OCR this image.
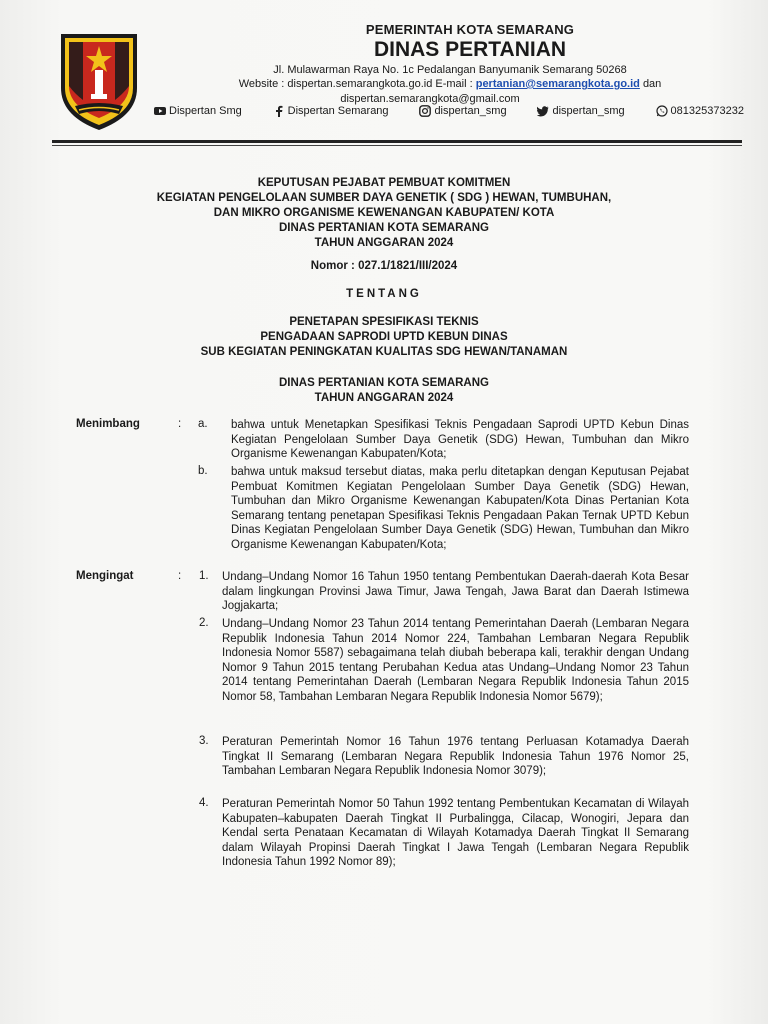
PEMERINTAH KOTA SEMARANG
DINAS PERTANIAN
Jl. Mulawarman Raya No. 1c Pedalangan Banyumanik Semarang 50268
Website : dispertan.semarangkota.go.id E-mail : pertanian@semarangkota.go.id dan
dispertan.semarangkota@gmail.com
Dispertan Smg	Dispertan Semarang	dispertan_smg	dispertan_smg	081325373232
KEPUTUSAN PEJABAT PEMBUAT KOMITMEN
KEGIATAN PENGELOLAAN SUMBER DAYA GENETIK ( SDG ) HEWAN, TUMBUHAN,
DAN MIKRO ORGANISME KEWENANGAN KABUPATEN/ KOTA
DINAS PERTANIAN KOTA SEMARANG
TAHUN ANGGARAN 2024
Nomor : 027.1/1821/III/2024
TENTANG
PENETAPAN SPESIFIKASI TEKNIS
PENGADAAN SAPRODI UPTD KEBUN DINAS
SUB KEGIATAN PENINGKATAN KUALITAS SDG HEWAN/TANAMAN
DINAS PERTANIAN KOTA SEMARANG
TAHUN ANGGARAN 2024
Menimbang	: a. bahwa untuk Menetapkan Spesifikasi Teknis Pengadaan Saprodi UPTD Kebun Dinas Kegiatan Pengelolaan Sumber Daya Genetik (SDG) Hewan, Tumbuhan dan Mikro Organisme Kewenangan Kabupaten/Kota;
b. bahwa untuk maksud tersebut diatas, maka perlu ditetapkan dengan Keputusan Pejabat Pembuat Komitmen Kegiatan Pengelolaan Sumber Daya Genetik (SDG) Hewan, Tumbuhan dan Mikro Organisme Kewenangan Kabupaten/Kota Dinas Pertanian Kota Semarang tentang penetapan Spesifikasi Teknis Pengadaan Pakan Ternak UPTD Kebun Dinas Kegiatan Pengelolaan Sumber Daya Genetik (SDG) Hewan, Tumbuhan dan Mikro Organisme Kewenangan Kabupaten/Kota;
Mengingat	: 1. Undang–Undang Nomor 16 Tahun 1950 tentang Pembentukan Daerah-daerah Kota Besar dalam lingkungan Provinsi Jawa Timur, Jawa Tengah, Jawa Barat dan Daerah Istimewa Jogjakarta;
2. Undang–Undang Nomor 23 Tahun 2014 tentang Pemerintahan Daerah (Lembaran Negara Republik Indonesia Tahun 2014 Nomor 224, Tambahan Lembaran Negara Republik Indonesia Nomor 5587) sebagaimana telah diubah beberapa kali, terakhir dengan Undang Nomor 9 Tahun 2015 tentang Perubahan Kedua atas Undang–Undang Nomor 23 Tahun 2014 tentang Pemerintahan Daerah (Lembaran Negara Republik Indonesia Tahun 2015 Nomor 58, Tambahan Lembaran Negara Republik Indonesia Nomor 5679);
3. Peraturan Pemerintah Nomor 16 Tahun 1976 tentang Perluasan Kotamadya Daerah Tingkat II Semarang (Lembaran Negara Republik Indonesia Tahun 1976 Nomor 25, Tambahan Lembaran Negara Republik Indonesia Nomor 3079);
4. Peraturan Pemerintah Nomor 50 Tahun 1992 tentang Pembentukan Kecamatan di Wilayah Kabupaten–kabupaten Daerah Tingkat II Purbalingga, Cilacap, Wonogiri, Jepara dan Kendal serta Penataan Kecamatan di Wilayah Kotamadya Daerah Tingkat II Semarang dalam Wilayah Propinsi Daerah Tingkat I Jawa Tengah (Lembaran Negara Republik Indonesia Tahun 1992 Nomor 89);
